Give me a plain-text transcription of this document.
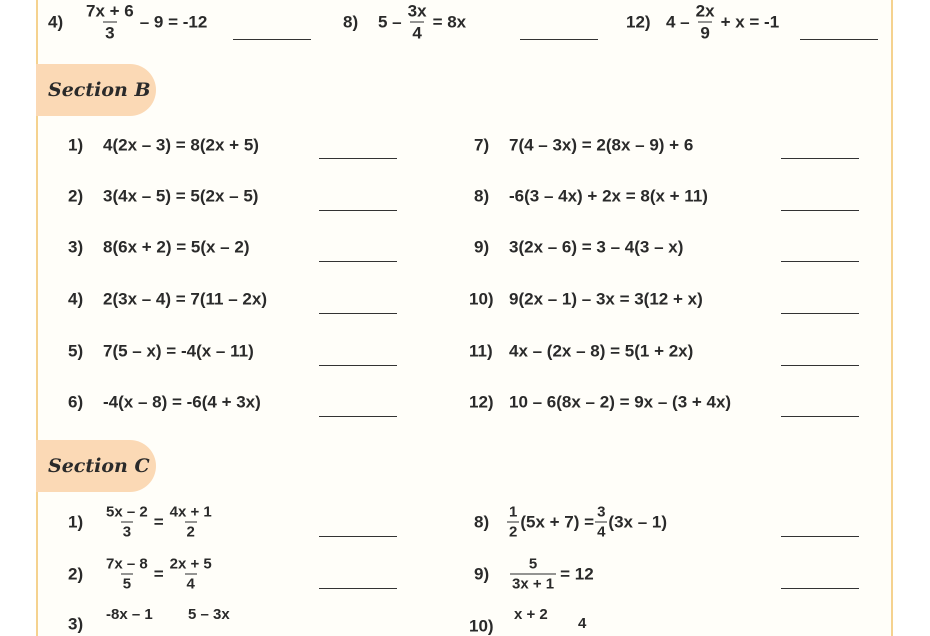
$4) \frac{7x + 6}{3} - 9 = -12$	8) $5 - \frac{3x}{4} = 8x$	12) $4 - \frac{2x}{9} + x = -1$
Section B
1) 4(2x – 3) = 8(2x + 5)
2) 3(4x – 5) = 5(2x – 5)
3) 8(6x + 2) = 5(x – 2)
4) 2(3x – 4) = 7(11 – 2x)
5) 7(5 – x) = -4(x – 11)
6) -4(x – 8) = -6(4 + 3x)
7) 7(4 – 3x) = 2(8x – 9) + 6
8) -6(3 – 4x) + 2x = 8(x + 11)
9) 3(2x – 6) = 3 – 4(3 – x)
10) 9(2x – 1) – 3x = 3(12 + x)
11) 4x – (2x – 8) = 5(1 + 2x)
12) 10 – 6(8x – 2) = 9x – (3 + 4x)
Section C
$1) \frac{5x - 2}{3} = \frac{4x + 1}{2}$
$2) \frac{7x - 8}{5} = \frac{2x + 5}{4}$
3) -8x – 1 5 – 3x
$8) \frac{1}{2} (5x + 7) = \frac{3}{4} (3x - 1)$
$9) \frac{5}{3x + 1} = 12$
10)
x + 2
4
